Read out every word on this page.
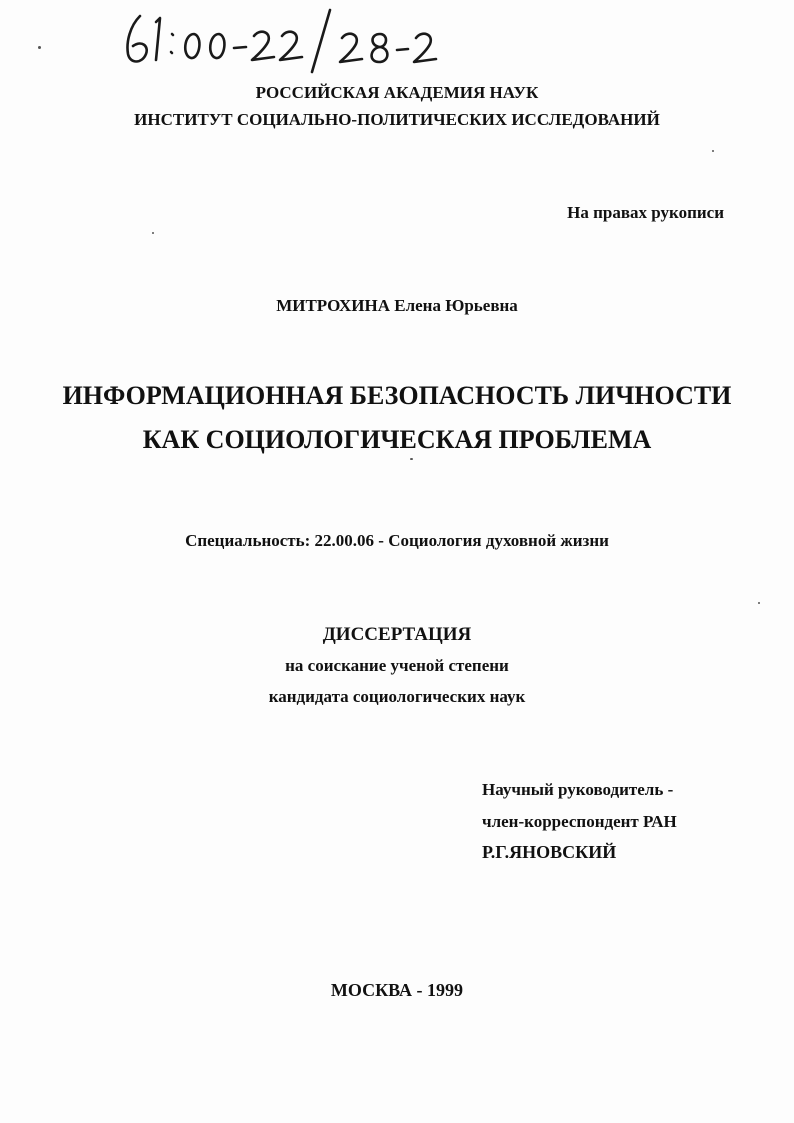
61:00-22/28-2
РОССИЙСКАЯ АКАДЕМИЯ НАУК
ИНСТИТУТ СОЦИАЛЬНО-ПОЛИТИЧЕСКИХ ИССЛЕДОВАНИЙ
На правах рукописи
МИТРОХИНА Елена Юрьевна
ИНФОРМАЦИОННАЯ БЕЗОПАСНОСТЬ ЛИЧНОСТИ
КАК СОЦИОЛОГИЧЕСКАЯ ПРОБЛЕМА
Специальность: 22.00.06 - Социология духовной жизни
ДИССЕРТАЦИЯ
на соискание ученой степени
кандидата социологических наук
Научный руководитель -
член-корреспондент РАН
Р.Г.ЯНОВСКИЙ
МОСКВА - 1999
